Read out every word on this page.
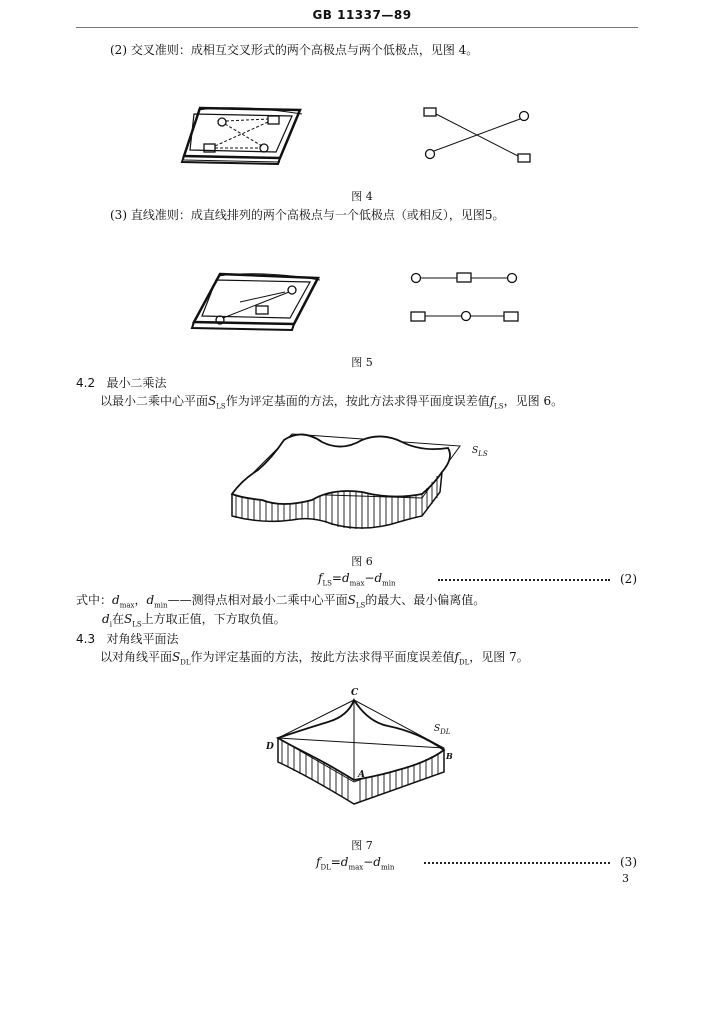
GB 11337—89
(2) 交叉准则：成相互交叉形式的两个高极点与两个低极点，见图 4。
图 4
(3) 直线准则：成直线排列的两个高极点与一个低极点（或相反），见图5。
图 5
4.2 最小二乘法
以最小二乘中心平面$S_{LS}$作为评定基面的方法，按此方法求得平面度误差值$f_{LS}$，见图 6。
$S_{LS}$
图 6
$f_{LS}=d_{max}-d_{min}$	(2)
式中：$d_{max}$，$d_{min}——$测得点相对最小二乘中心平面$S_{LS}$的最大、最小偏离值。
$d_i$在$S_{LS}$上方取正值，下方取负值。
4.3 对角线平面法
以对角线平面$S_{DL}$作为评定基面的方法，按此方法求得平面度误差值$f_{DL}$，见图 7。
C
D
A
B
$S_{DL}$
图 7
$f_{DL}=d_{max}-d_{min}$	(3)
3
